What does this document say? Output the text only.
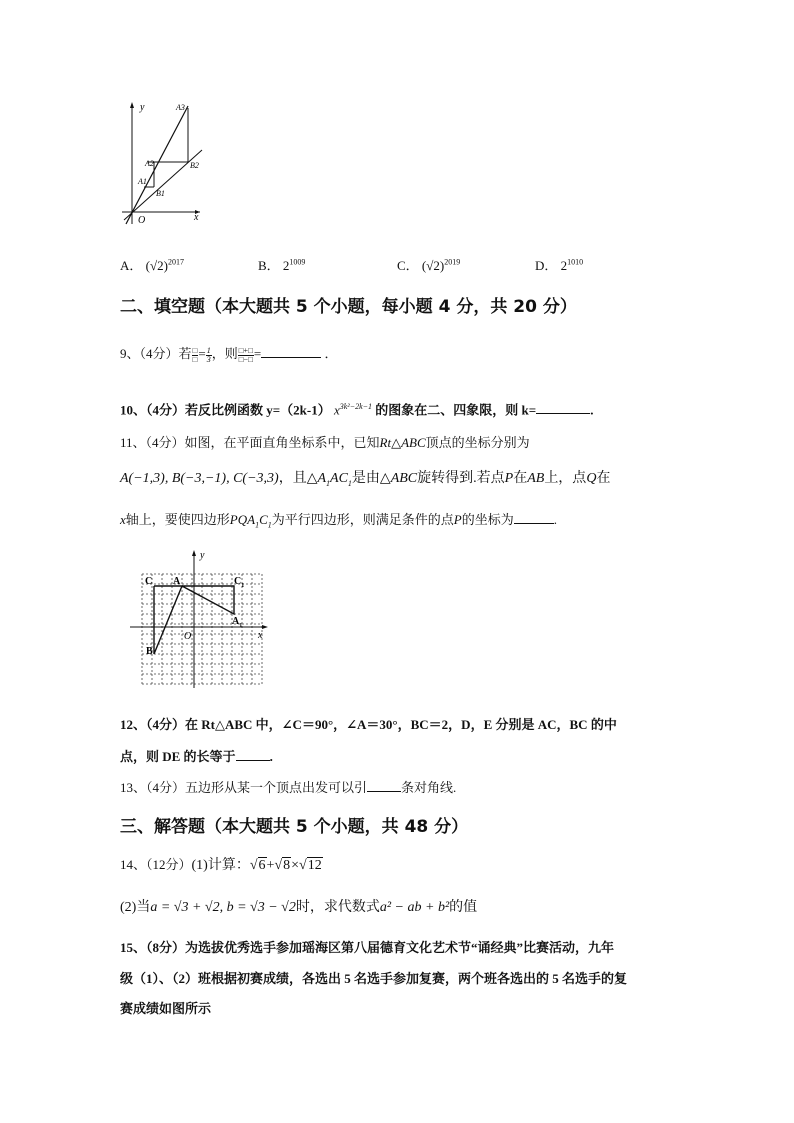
y
x
O
A3
A2
A1
B1
B2
A． $(√2)^{2017}$	B． $2^{1009}$	C． $(√2)^{2019}$	D． $2^{1010}$
二、填空题（本大题共 5 个小题，每小题 4 分，共 20 分）
9、（4分）若 □
□ = $\frac{1}{3}$ ，则 □+□
□−□ =	．
10、（4分）若反比例函数 y=（2k-1） $x^{3k^2-2k-1}$ 的图象在二、四象限，则 k=	.
11、（4分）如图，在平面直角坐标系中，已知Rt△ABC顶点的坐标分别为
A(−1,3), B(−3,−1), C(−3,3)，且$\triangle A_1AC_1$是由△ABC旋转得到.若点P在AB上，点Q在
x轴上，要使四边形$PQA_1C_1$为平行四边形，则满足条件的点P的坐标为	.
y
x
O
C A
B
$C_1$
$A_1$
12、（4分）在 Rt△ABC 中，∠C＝90°，∠A＝30°，BC＝2，D，E 分别是 AC，BC 的中
点，则 DE 的长等于	.
13、（4分）五边形从某一个顶点出发可以引	条对角线.
三、解答题（本大题共 5 个小题，共 48 分）
14、（12分）(1)计算：√6+√8×√12
(2)当a = √3 + √2, b = √3 − √2时，求代数式a² − ab + b²的值
15、（8分）为选拔优秀选手参加瑶海区第八届德育文化艺术节“诵经典”比赛活动，九年
级（1）、（2）班根据初赛成绩，各选出 5 名选手参加复赛，两个班各选出的 5 名选手的复
赛成绩如图所示
